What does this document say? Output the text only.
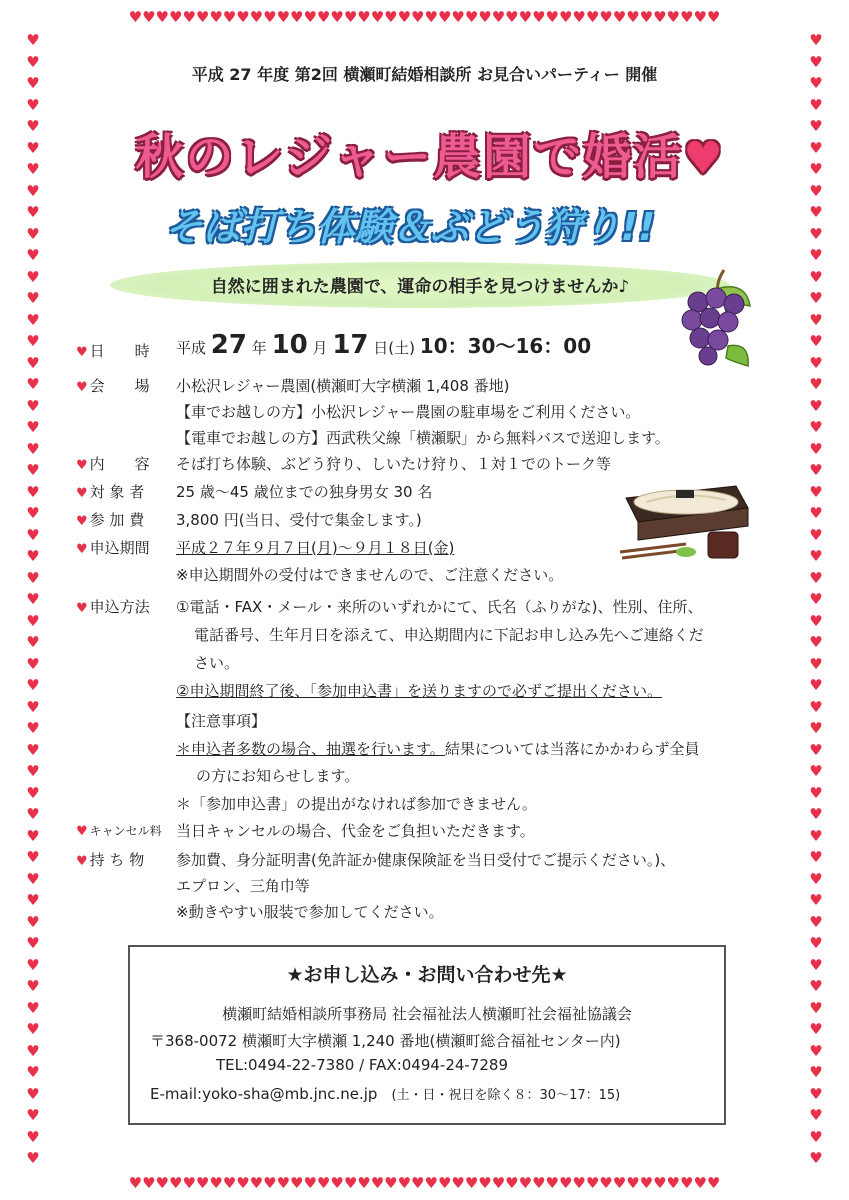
♥♥♥♥♥♥♥♥♥♥♥♥♥♥♥♥♥♥♥♥♥♥♥♥♥♥♥♥♥♥♥♥♥♥♥♥♥♥♥♥♥♥♥♥
♥♥♥♥♥♥♥♥♥♥♥♥♥♥♥♥♥♥♥♥♥♥♥♥♥♥♥♥♥♥♥♥♥♥♥♥♥♥♥♥♥♥♥♥
♥
♥
♥
♥
♥
♥
♥
♥
♥
♥
♥
♥
♥
♥
♥
♥
♥
♥
♥
♥
♥
♥
♥
♥
♥
♥
♥
♥
♥
♥
♥
♥
♥
♥
♥
♥
♥
♥
♥
♥
♥
♥
♥
♥
♥
♥
♥
♥
♥
♥
♥
♥
♥
♥
♥
♥
♥
♥
♥
♥
♥
♥
♥
♥
♥
♥
♥
♥
♥
♥
♥
♥
♥
♥
♥
♥
♥
♥
♥
♥
♥
♥
♥
♥
♥
♥
♥
♥
♥
♥
♥
♥
♥
♥
♥
♥
♥
♥
♥
♥
♥
♥
♥
♥
♥
♥
平成 27 年度 第2回 横瀬町結婚相談所 お見合いパーティー 開催
秋のレジャー農園で婚活♥
そば打ち体験＆ぶどう狩り!!
自然に囲まれた農園で、運命の相手を見つけませんか♪
♥ 日　　時 平成 27 年 10 月 17 日(土) 10：30〜16：00
♥ 会　　場 小松沢レジャー農園(横瀬町大字横瀬 1,408 番地)
【車でお越しの方】小松沢レジャー農園の駐車場をご利用ください。
【電車でお越しの方】西武秩父線「横瀬駅」から無料バスで送迎します。
♥ 内　　容 そば打ち体験、ぶどう狩り、しいたけ狩り、１対１でのトーク等
♥ 対 象 者 25 歳〜45 歳位までの独身男女 30 名
♥ 参 加 費 3,800 円(当日、受付で集金します。)
♥ 申込期間 平成２７年９月７日(月)〜９月１８日(金)
※申込期間外の受付はできませんので、ご注意ください。
♥ 申込方法 ①電話・FAX・メール・来所のいずれかにて、氏名（ふりがな)、性別、住所、
電話番号、生年月日を添えて、申込期間内に下記お申し込み先へご連絡くだ
さい。
②申込期間終了後、「参加申込書」を送りますので必ずご提出ください。
【注意事項】
＊申込者多数の場合、抽選を行います。結果については当落にかかわらず全員
の方にお知らせします。
＊「参加申込書」の提出がなければ参加できません。
♥ キャンセル料 当日キャンセルの場合、代金をご負担いただきます。
♥ 持 ち 物 参加費、身分証明書(免許証か健康保険証を当日受付でご提示ください。)、
エプロン、三角巾等
※動きやすい服装で参加してください。
★お申し込み・お問い合わせ先★
横瀬町結婚相談所事務局 社会福祉法人横瀬町社会福祉協議会
〒368-0072 横瀬町大字横瀬 1,240 番地(横瀬町総合福祉センター内)
TEL:0494-22-7380 / FAX:0494-24-7289
E-mail:yoko-sha@mb.jnc.ne.jp (土・日・祝日を除く８：30〜17：15)
